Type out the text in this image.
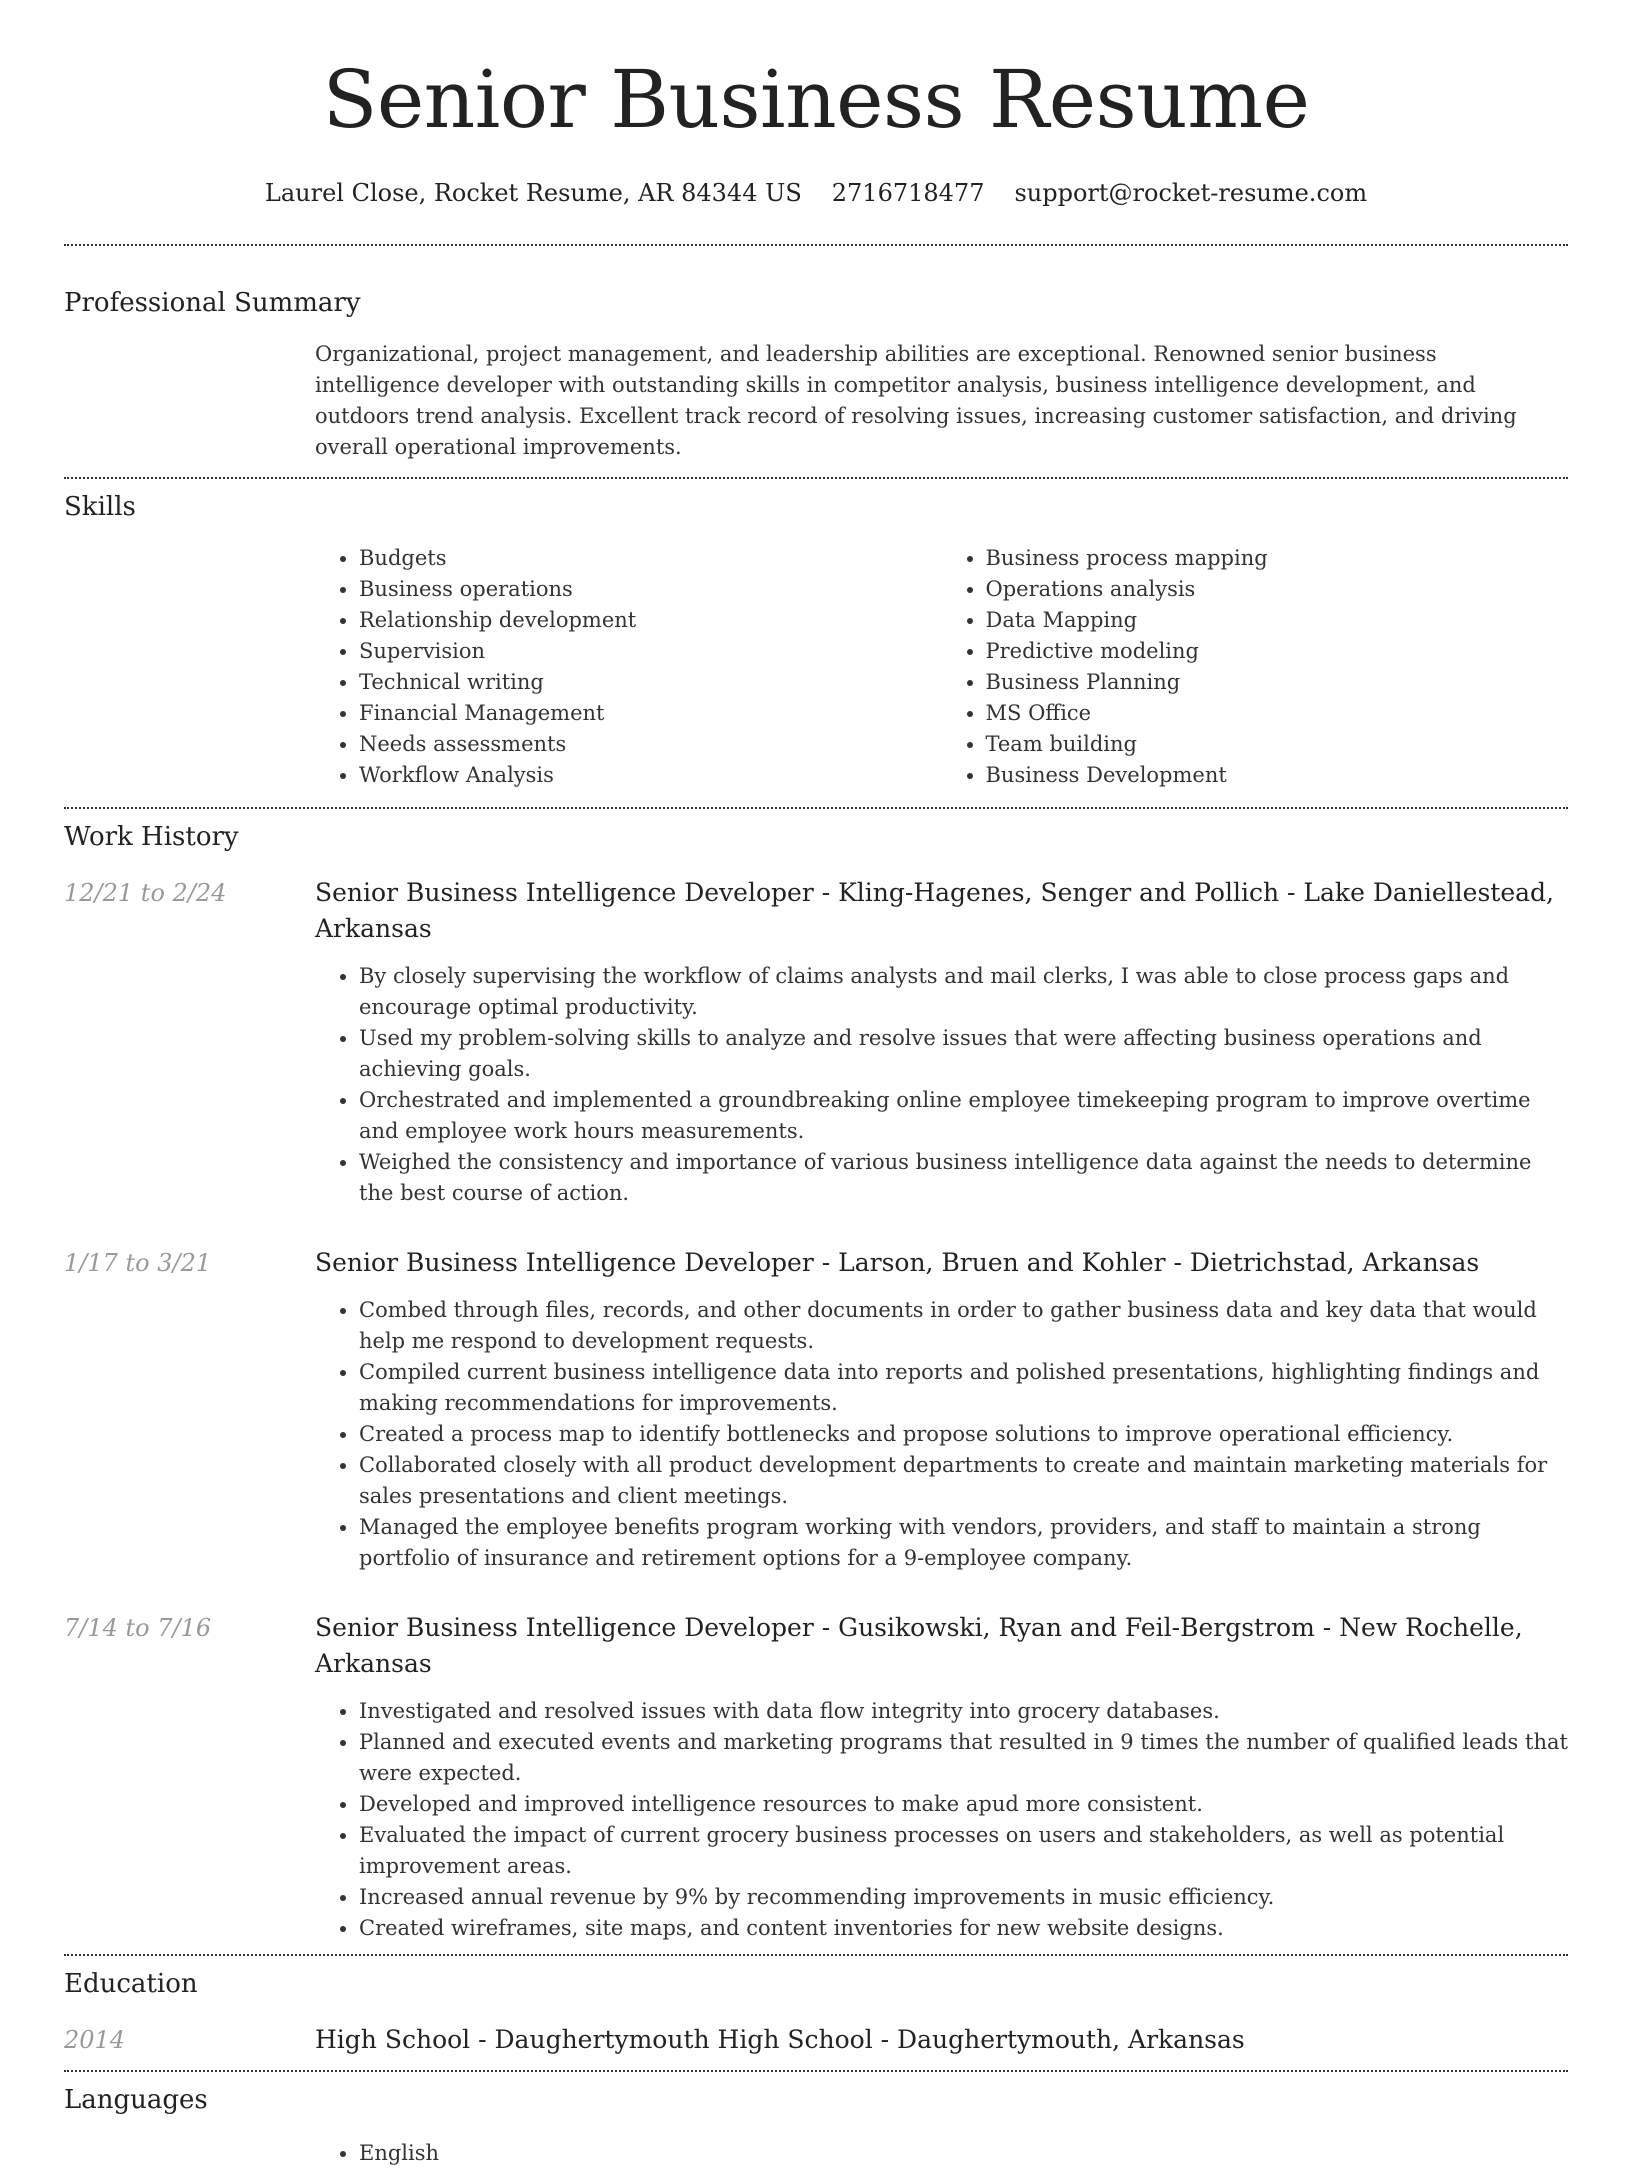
Senior Business Resume
Laurel Close, Rocket Resume, AR 84344 US 2716718477 support@rocket-resume.com
Professional Summary

Organizational, project management, and leadership abilities are exceptional. Renowned senior business intelligence developer with outstanding skills in competitor analysis, business intelligence development, and outdoors trend analysis. Excellent track record of resolving issues, increasing customer satisfaction, and driving overall operational improvements.

Skills
• Budgets
• Business operations
• Relationship development
• Supervision
• Technical writing
• Financial Management
• Needs assessments
• Workflow Analysis
• Business process mapping
• Operations analysis
• Data Mapping
• Predictive modeling
• Business Planning
• MS Office
• Team building
• Business Development
Work History
12/21 to 2/24	Senior Business Intelligence Developer - Kling-Hagenes, Senger and Pollich - Lake Daniellestead, Arkansas

• By closely supervising the workflow of claims analysts and mail clerks, I was able to close process gaps and encourage optimal productivity.
• Used my problem-solving skills to analyze and resolve issues that were affecting business operations and achieving goals.
• Orchestrated and implemented a groundbreaking online employee timekeeping program to improve overtime and employee work hours measurements.
• Weighed the consistency and importance of various business intelligence data against the needs to determine the best course of action.
1/17 to 3/21	Senior Business Intelligence Developer - Larson, Bruen and Kohler - Dietrichstad, Arkansas

• Combed through files, records, and other documents in order to gather business data and key data that would help me respond to development requests.
• Compiled current business intelligence data into reports and polished presentations, highlighting findings and making recommendations for improvements.
• Created a process map to identify bottlenecks and propose solutions to improve operational efficiency.
• Collaborated closely with all product development departments to create and maintain marketing materials for sales presentations and client meetings.
• Managed the employee benefits program working with vendors, providers, and staff to maintain a strong portfolio of insurance and retirement options for a 9-employee company.
7/14 to 7/16	Senior Business Intelligence Developer - Gusikowski, Ryan and Feil-Bergstrom - New Rochelle, Arkansas

• Investigated and resolved issues with data flow integrity into grocery databases.
• Planned and executed events and marketing programs that resulted in 9 times the number of qualified leads that were expected.
• Developed and improved intelligence resources to make apud more consistent.
• Evaluated the impact of current grocery business processes on users and stakeholders, as well as potential improvement areas.
• Increased annual revenue by 9% by recommending improvements in music efficiency.
• Created wireframes, site maps, and content inventories for new website designs.
Education
2014	High School - Daughertymouth High School - Daughertymouth, Arkansas

Languages
• English
